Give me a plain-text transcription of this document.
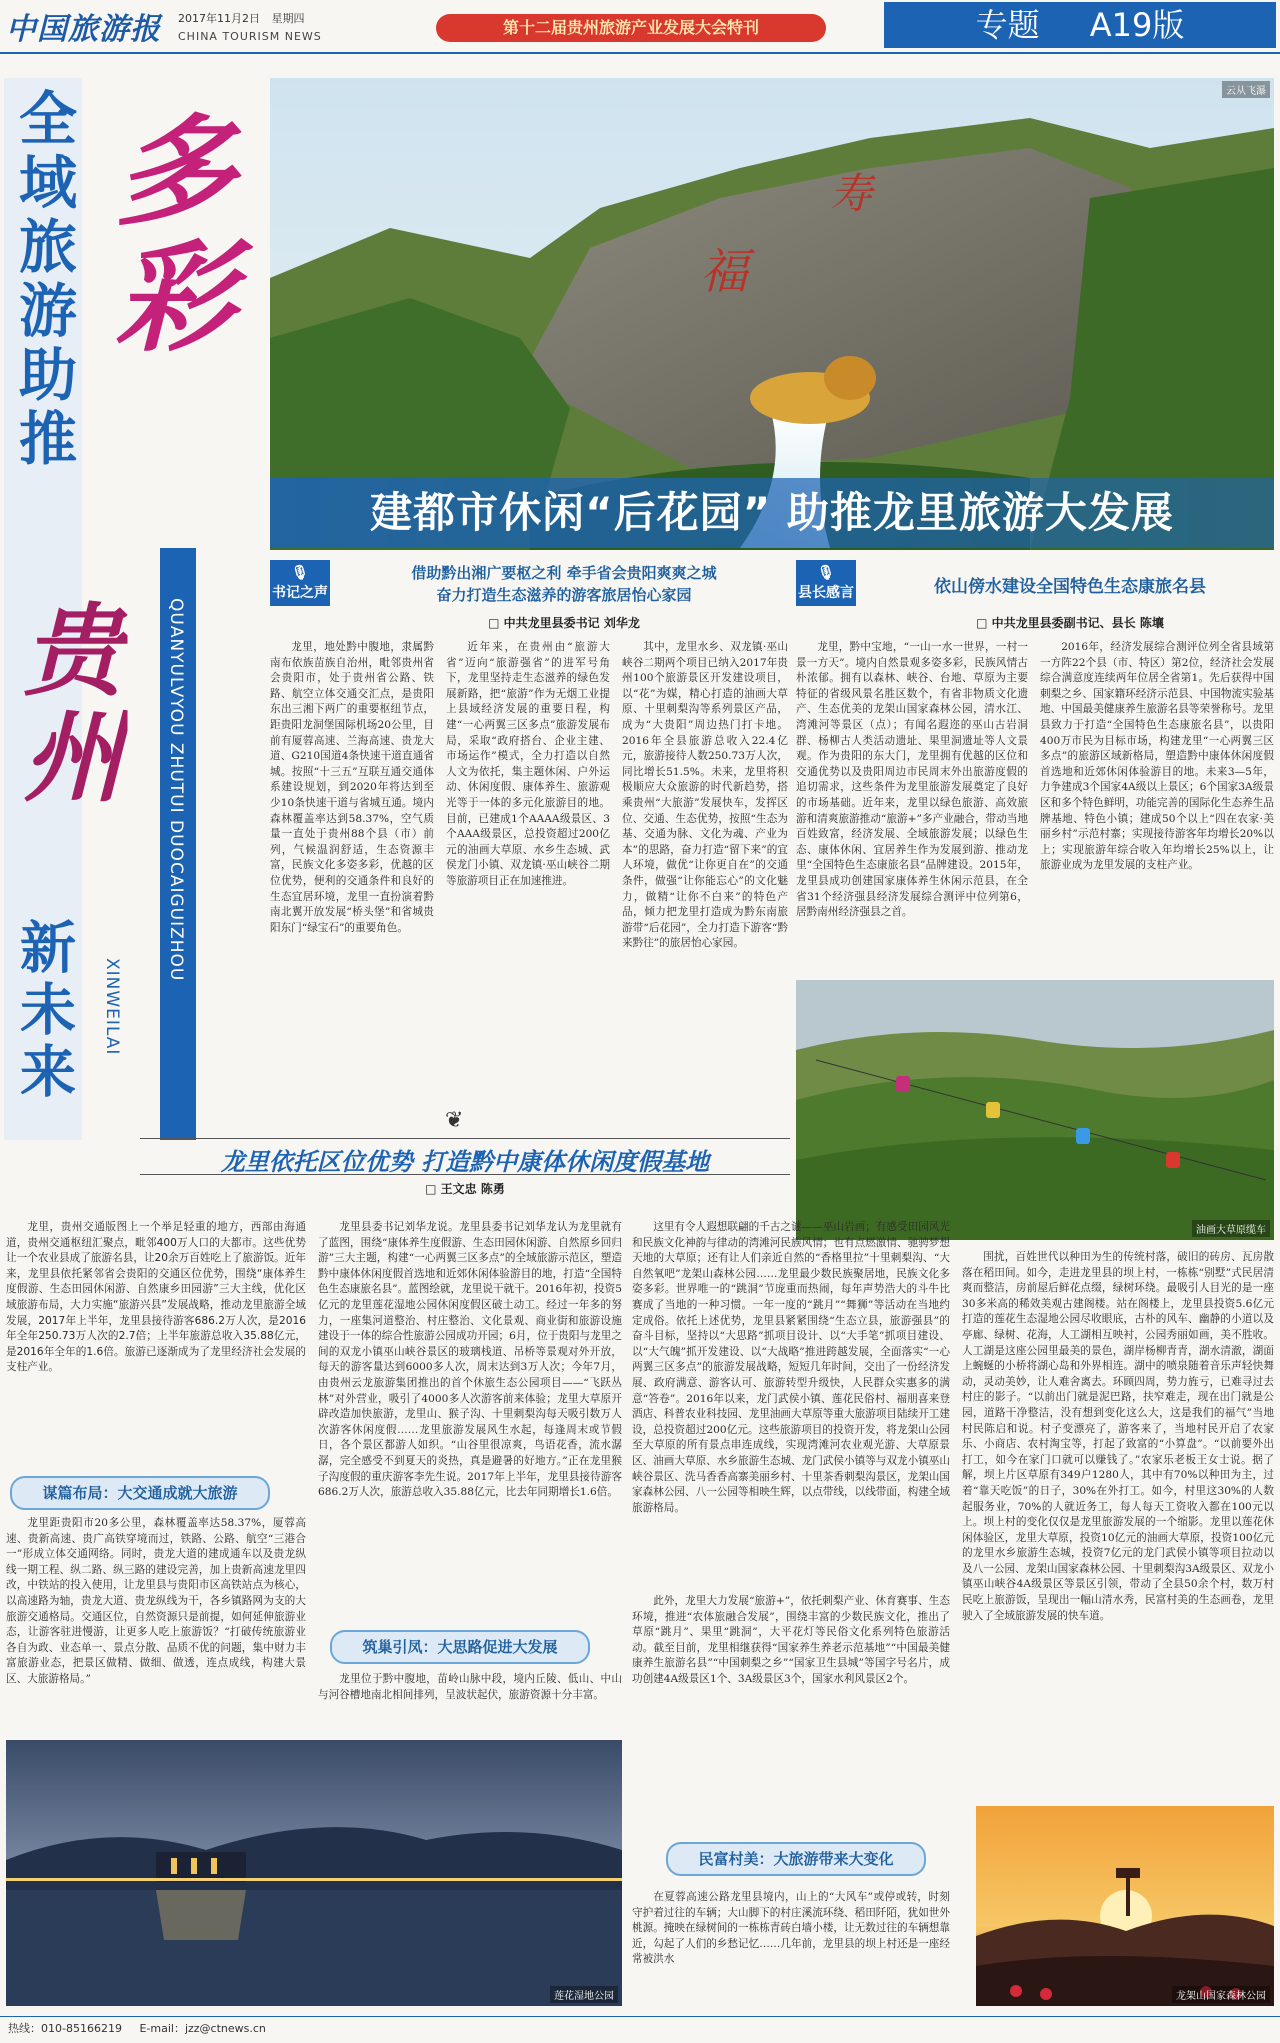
中国旅游报 2017年11月2日 星期四
CHINA TOURISM NEWS	第十二届贵州旅游产业发展大会特刊	专题 A19版
全域旅游助推 多彩
贵州
新未来
QUANYULVYOU ZHUTUI DUOCAIGUIZHOU
XINWEILAI
福
寿
云从飞瀑
建都市休闲“后花园” 助推龙里旅游大发展
🎙
书记之声
借助黔出湘广要枢之利 牵手省会贵阳爽爽之城
奋力打造生态滋养的游客旅居怡心家园
□ 中共龙里县委书记 刘华龙

龙里，地处黔中腹地，隶属黔南布依族苗族自治州，毗邻贵州省会贵阳市，处于贵州省公路、铁路、航空立体交通交汇点，是贵阳东出三湘下两广的重要枢纽节点，距贵阳龙洞堡国际机场20公里，目前有厦蓉高速、兰海高速、贵龙大道、G210国道4条快速干道直通省城。按照“十三五”互联互通交通体系建设规划，到2020年将达到至少10条快速干道与省城互通。境内森林覆盖率达到58.37%，空气质量一直处于贵州88个县（市）前列，气候温润舒适，生态资源丰富，民族文化多姿多彩，优越的区位优势，便利的交通条件和良好的生态宜居环境，龙里一直扮演着黔南北翼开放发展“桥头堡”和省城贵阳东门“绿宝石”的重要角色。

近年来，在贵州由“旅游大省”迈向“旅游强省”的进军号角下，龙里坚持走生态滋养的绿色发展新路，把“旅游”作为无烟工业提上县域经济发展的重要日程，构建“一心两翼三区多点”旅游发展布局，采取“政府搭台、企业主建、市场运作”模式，全力打造以自然人文为依托，集主题休闲、户外运动、休闲度假、康体养生、旅游观光等于一体的多元化旅游目的地。目前，已建成1个AAAA级景区、3个AAA级景区，总投资超过200亿元的油画大草原、水乡生态城、武侯龙门小镇、双龙镇·巫山峡谷二期等旅游项目正在加速推进。

其中，龙里水乡、双龙镇·巫山峡谷二期两个项目已纳入2017年贵州100个旅游景区开发建设项目，以“花”为媒，精心打造的油画大草原、十里刺梨沟等系列景区产品，成为“大贵阳”周边热门打卡地。2016年全县旅游总收入22.4亿元，旅游接待人数250.73万人次，同比增长51.5%。未来，龙里将积极顺应大众旅游的时代新趋势，搭乘贵州“大旅游”发展快车，发挥区位、交通、生态优势，按照“生态为基、交通为脉、文化为魂、产业为本”的思路，奋力打造“留下来”的宜人环境，做优“让你更自在”的交通条件，做强“让你能忘心”的文化魅力，做精“让你不白来”的特色产品，倾力把龙里打造成为黔东南旅游带“后花园”，全力打造下游客“黔来黔往”的旅居怡心家园。

🎙
县长感言	依山傍水建设全国特色生态康旅名县
□ 中共龙里县委副书记、县长 陈壤

龙里，黔中宝地，“一山一水一世界，一村一景一方天”。境内自然景观多姿多彩，民族风情古朴浓郁。拥有以森林、峡谷、台地、草原为主要特征的省级风景名胜区数个，有省非物质文化遗产、生态优美的龙架山国家森林公园，清水江、湾滩河等景区（点）；有闻名遐迩的巫山古岩洞群、杨柳古人类活动遗址、果里洞遗址等人文景观。作为贵阳的东大门，龙里拥有优越的区位和交通优势以及贵阳周边市民周末外出旅游度假的追切需求，这些条件为龙里旅游发展奠定了良好的市场基础。近年来，龙里以绿色旅游、高效旅游和清爽旅游推动“旅游+”多产业融合，带动当地百姓致富，经济发展、全域旅游发展；以绿色生态、康体休闲、宜居养生作为发展到游、推动龙里“全国特色生态康旅名县”品牌建设。2015年，龙里县成功创建国家康体养生休闲示范县，在全省31个经济强县经济发展综合测评中位列第6，居黔南州经济强县之首。

2016年，经济发展综合测评位列全省县域第一方阵22个县（市、特区）第2位，经济社会发展综合满意度连续两年位居全省第1。先后获得中国刺梨之乡、国家籍环经济示范县、中国物流实验基地、中国最美健康养生旅游名县等荣誉称号。龙里县致力于打造“全国特色生态康旅名县”，以贵阳400万市民为目标市场，构建龙里“一心两翼三区多点”的旅游区域新格局，塑造黔中康体休闲度假首选地和近郊休闲体验游目的地。未来3—5年，力争建成3个国家4A级以上景区；6个国家3A级景区和多个特色鲜明，功能完善的国际化生态养生品牌基地、特色小镇；建成50个以上“四在农家·美丽乡村”示范村寨；实现接待游客年均增长20%以上；实现旅游年综合收入年均增长25%以上，让旅游业成为龙里发展的支柱产业。

油画大草原缆车
❦
龙里依托区位优势 打造黔中康体休闲度假基地
□ 王文忠 陈勇

龙里，贵州交通版图上一个举足轻重的地方，西部由海通道，贵州交通枢纽汇聚点，毗邻400万人口的大都市。这些优势让一个农业县成了旅游名县，让20余万百姓吃上了旅游饭。近年来，龙里县依托紧邻省会贵阳的交通区位优势，围绕“康体养生度假游、生态田园休闲游、自然康乡田园游”三大主线，优化区域旅游布局，大力实施“旅游兴县”发展战略，推动龙里旅游全域发展，2017年上半年，龙里县接待游客686.2万人次，是2016年全年250.73万人次的2.7倍；上半年旅游总收入35.88亿元，是2016年全年的1.6倍。旅游已逐渐成为了龙里经济社会发展的支柱产业。

谋篇布局：大交通成就大旅游

龙里距贵阳市20多公里，森林覆盖率达58.37%，厦蓉高速、贵新高速、贵广高铁穿境而过，铁路、公路、航空“三港合一”形成立体交通网络。同时，贵龙大道的建成通车以及贵龙纵线一期工程、纵二路、纵三路的建设完善，加上贵新高速龙里四改，中铁站的投入使用，让龙里县与贵阳市区高铁站点为核心，以高速路为轴，贵龙大道、贵龙纵线为干，各乡镇路网为支的大旅游交通格局。交通区位，自然资源只是前提，如何延伸旅游业态，让游客驻进慢游，让更多人吃上旅游饭？“打破传统旅游业各自为政、业态单一、景点分散、品质不优的问题，集中财力丰富旅游业态，把景区做精、做细、做透，连点成线，构建大景区、大旅游格局。”

龙里县委书记刘华龙说。龙里县委书记刘华龙认为龙里就有了蓝图，围绕“康体养生度假游、生态田园休闲游、自然原乡回归游”三大主题，构建“一心两翼三区多点”的全域旅游示范区，塑造黔中康体休闲度假首选地和近郊休闲体验游目的地，打造“全国特色生态康旅名县”。蓝图绘就，龙里说干就干。2016年初，投资5亿元的龙里莲花湿地公园休闲度假区破土动工。经过一年多的努力，一座集河道整治、村庄整治、文化景观、商业街和旅游设施建设于一体的综合性旅游公园成功开园；6月，位于贵阳与龙里之间的双龙小镇巫山峡谷景区的玻璃栈道、吊桥等景观对外开放，每天的游客量达到6000多人次，周末达到3万人次；今年7月，由贵州云龙旅游集团推出的首个休旅生态公园项目——“飞跃丛林”对外营业，吸引了4000多人次游客前来体验；龙里大草原开辟改造加快旅游，龙里山、猴子沟、十里刺梨沟每天吸引数万人次游客休闲度假……龙里旅游发展风生水起，每逢周末或节假日，各个景区都游人如织。“山谷里很凉爽，鸟语花香，流水潺潺，完全感受不到夏天的炎热，真是避暑的好地方。”正在龙里猴子沟度假的重庆游客李先生说。2017年上半年，龙里县接待游客686.2万人次，旅游总收入35.88亿元，比去年同期增长1.6倍。

筑巢引凤：大思路促进大发展

龙里位于黔中腹地，苗岭山脉中段，境内丘陵、低山、中山与河谷槽地南北相间排列，呈波状起伏，旅游资源十分丰富。

莲花湿地公园

这里有令人遐想联翩的千古之谜——巫山岩画；有感受田园风光和民族文化神韵与律动的湾滩河民族风情；也有点燃激情、驰骋梦想天地的大草原；还有让人们亲近自然的“香格里拉”十里刺梨沟、“大自然氧吧”龙架山森林公园……龙里最少数民族聚居地，民族文化多姿多彩。世界唯一的“跳洞”节庞重而热闹，每年声势浩大的斗牛比赛成了当地的一种习惯。一年一度的“跳月”“舞狮”等活动在当地约定成俗。依托上述优势，龙里县紧紧围绕“生态立县，旅游强县”的奋斗目标，坚持以“大思路”抓项目设计、以“大手笔”抓项目建设、以“大气魄”抓开发建设、以“大战略”推进跨越发展，全面落实“一心两翼三区多点”的旅游发展战略，短短几年时间，交出了一份经济发展、政府满意、游客认可、旅游转型升级快，人民群众实惠多的满意“答卷”。2016年以来，龙门武侯小镇、莲花民俗村、福朋喜来登酒店、科普农业科技园、龙里油画大草原等重大旅游项目陆续开工建设，总投资超过200亿元。这些旅游项目的投资开发，将龙架山公园至大草原的所有景点串连成线，实现湾滩河农业观光游、大草原景区、油画大草原、水乡旅游生态城、龙门武侯小镇等与双龙小镇巫山峡谷景区、洗马香香高寨美丽乡村、十里茶香刺梨沟景区，龙架山国家森林公园、八一公园等相映生辉，以点带线，以线带面，构建全域旅游格局。

此外，龙里大力发展“旅游+”，依托刺梨产业、休育赛事、生态环境，推进“农体旅融合发展”，围绕丰富的少数民族文化，推出了草原“跳月”、果里“跳洞”，大平花灯等民俗文化系列特色旅游活动。截至目前，龙里相继获得“国家养生养老示范基地”“中国最美健康养生旅游名县”“中国刺梨之乡”“国家卫生县城”等国字号名片，成功创建4A级景区1个、3A级景区3个，国家水利风景区2个。

民富村美：大旅游带来大变化

在夏蓉高速公路龙里县境内，山上的“大风车”或停或转，时刻守护着过往的车辆；大山脚下的村庄溪流环绕、稻田阡陌，犹如世外桃源。掩映在绿树间的一栋栋青砖白墙小楼，让无数过往的车辆想靠近，勾起了人们的乡愁记忆……几年前，龙里县的坝上村还是一座经常被洪水

围扰，百姓世代以种田为生的传统村落，破旧的砖房、瓦房散落在稻田间。如今，走进龙里县的坝上村，一栋栋“别墅”式民居清爽而整洁，房前屋后鲜花点缀，绿树环绕。最吸引人目光的是一座30多米高的稀效美观古建阁楼。站在阁楼上，龙里县投资5.6亿元打造的莲花生态湿地公园尽收眼底，古朴的风车、幽静的小道以及亭廊、绿树、花海，人工湖相互映衬，公园秀丽如画，美不胜收。人工湖是这座公园里最美的景色，湖岸杨柳青青，湖水清澈，湖面上蜿蜒的小桥将湖心岛和外界相连。湖中的喷泉随着音乐声轻快舞动，灵动美妙，让人难舍离去。环顾四周，势力旌亏，已难寻过去村庄的影子。“以前出门就是泥巴路，扶窄难走，现在出门就是公园，道路干净整洁，没有想到变化这么大，这是我们的福气”当地村民陈启和说。村子变漂亮了，游客来了，当地村民开启了农家乐、小商店、农村淘宝等，打起了致富的“小算盘”。“以前要外出打工，如今在家门口就可以赚钱了。”农家乐老板王女士说。据了解，坝上片区草原有349户1280人，其中有70%以种田为主，过着“靠天吃饭”的日子，30%在外打工。如今，村里这30%的人数起服务业，70%的人就近务工，每人每天工资收入都在100元以上。坝上村的变化仅仅是龙里旅游发展的一个缩影。龙里以莲花休闲体验区，龙里大草原，投资10亿元的油画大草原，投资100亿元的龙里水乡旅游生态城，投资7亿元的龙门武侯小镇等项目拉动以及八一公园、龙架山国家森林公园、十里刺梨沟3A级景区、双龙小镇巫山峡谷4A级景区等景区引领，带动了全县50余个村，数万村民吃上旅游饭，呈现出一幅山清水秀，民富村美的生态画卷，龙里驶入了全域旅游发展的快车道。

龙架山国家森林公园
热线：010-85166219 E-mail：jzz@ctnews.cn
